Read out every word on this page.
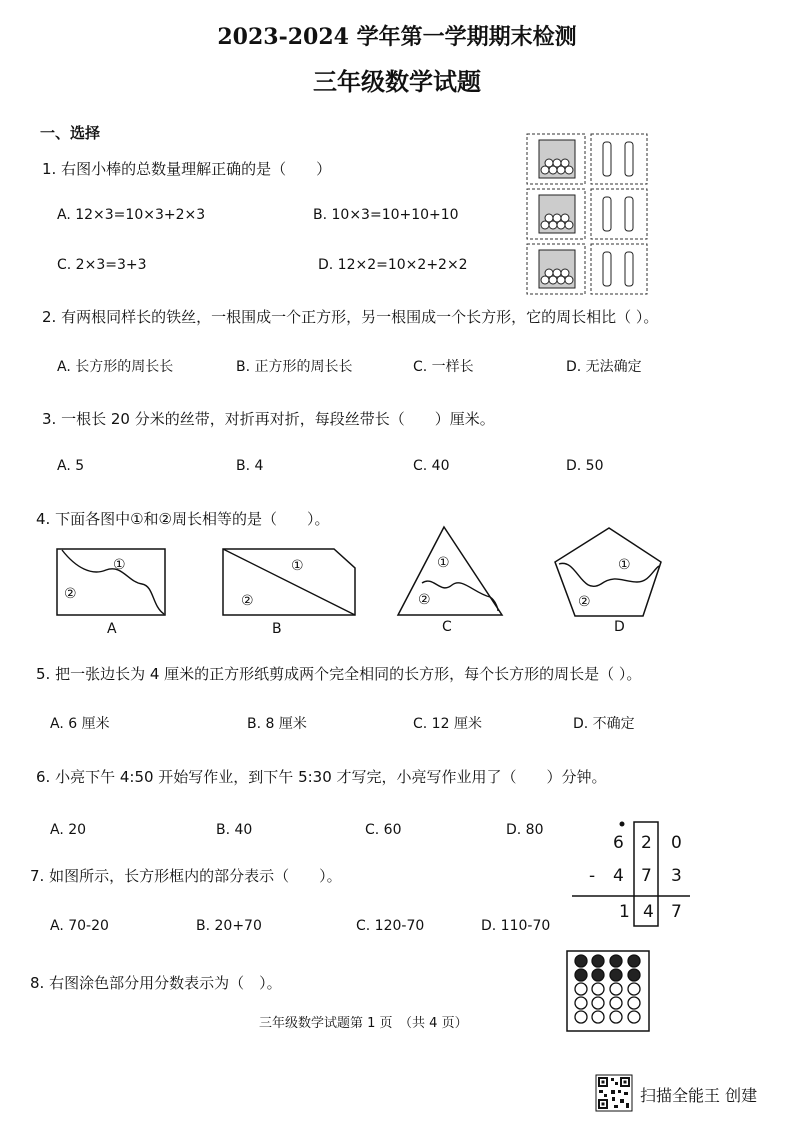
2023-2024 学年第一学期期末检测
三年级数学试题
一、选择
1. 右图小棒的总数量理解正确的是（　　）
A. 12×3=10×3+2×3	B. 10×3=10+10+10
C. 2×3=3+3	D. 12×2=10×2+2×2
2. 有两根同样长的铁丝，一根围成一个正方形，另一根围成一个长方形，它的周长相比（ ）。
A. 长方形的周长长	B. 正方形的周长长	C. 一样长	D. 无法确定
3. 一根长 20 分米的丝带，对折再对折，每段丝带长（　　）厘米。
A. 5	B. 4	C. 40	D. 50
4. 下面各图中①和②周长相等的是（　　）。
①
②
A
①
②
B
①
②
C
①
②
D
5. 把一张边长为 4 厘米的正方形纸剪成两个完全相同的长方形，每个长方形的周长是（ ）。
A. 6 厘米	B. 8 厘米	C. 12 厘米	D. 不确定
6. 小亮下午 4:50 开始写作业，到下午 5:30 才写完，小亮写作业用了（　　）分钟。
A. 20	B. 40	C. 60	D. 80
7. 如图所示，长方形框内的部分表示（　　）。
A. 70-20	B. 20+70	C. 120-70	D. 110-70
6 2 0
- 4 7 3
1 4 7
8. 右图涂色部分用分数表示为（　）。
三年级数学试题第 1 页　（共 4 页）
扫描全能王 创建
